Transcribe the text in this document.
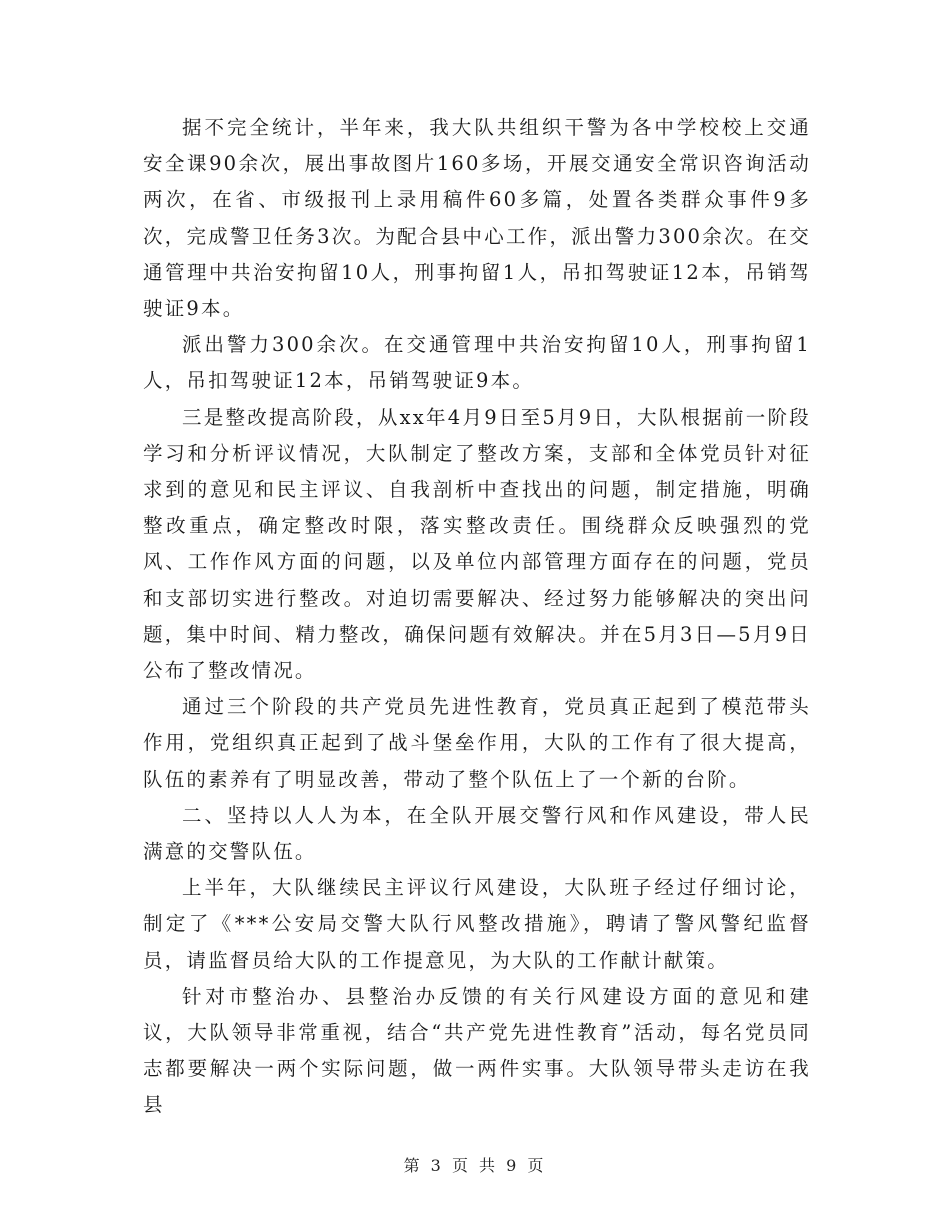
据不完全统计，半年来，我大队共组织干警为各中学校校上交通安全课90余次，展出事故图片160多场，开展交通安全常识咨询活动两次，在省、市级报刊上录用稿件60多篇，处置各类群众事件9多次，完成警卫任务3次。为配合县中心工作，派出警力300余次。在交通管理中共治安拘留10人，刑事拘留1人，吊扣驾驶证12本，吊销驾驶证9本。

派出警力300余次。在交通管理中共治安拘留10人，刑事拘留1人，吊扣驾驶证12本，吊销驾驶证9本。

三是整改提高阶段，从xx年4月9日至5月9日，大队根据前一阶段学习和分析评议情况，大队制定了整改方案，支部和全体党员针对征求到的意见和民主评议、自我剖析中查找出的问题，制定措施，明确整改重点，确定整改时限，落实整改责任。围绕群众反映强烈的党风、工作作风方面的问题，以及单位内部管理方面存在的问题，党员和支部切实进行整改。对迫切需要解决、经过努力能够解决的突出问题，集中时间、精力整改，确保问题有效解决。并在5月3日—5月9日公布了整改情况。

通过三个阶段的共产党员先进性教育，党员真正起到了模范带头作用，党组织真正起到了战斗堡垒作用，大队的工作有了很大提高，队伍的素养有了明显改善，带动了整个队伍上了一个新的台阶。

二、坚持以人人为本，在全队开展交警行风和作风建设，带人民满意的交警队伍。

上半年，大队继续民主评议行风建设，大队班子经过仔细讨论，制定了《***公安局交警大队行风整改措施》，聘请了警风警纪监督员，请监督员给大队的工作提意见，为大队的工作献计献策。

针对市整治办、县整治办反馈的有关行风建设方面的意见和建议，大队领导非常重视，结合“共产党先进性教育”活动，每名党员同志都要解决一两个实际问题，做一两件实事。大队领导带头走访在我县

第 3 页 共 9 页
